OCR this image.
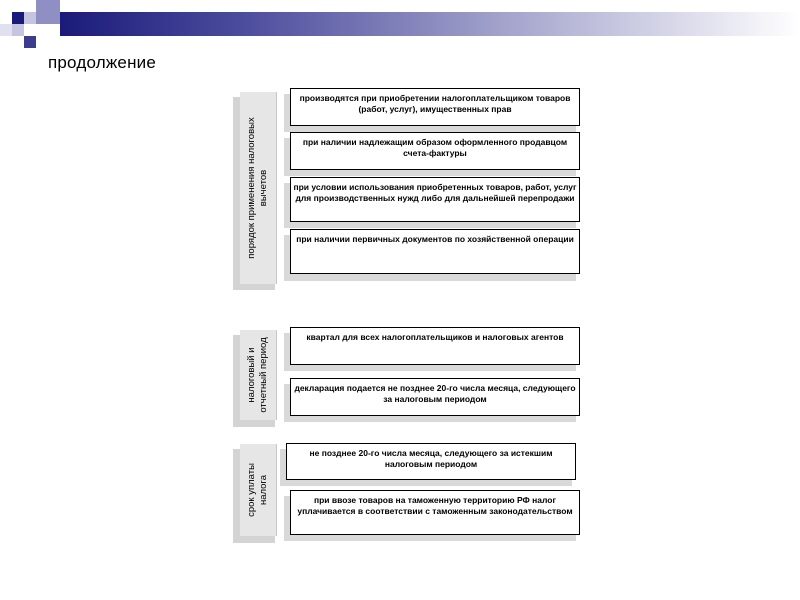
продолжение
порядок применения налоговых вычетов
производятся при приобретении налогоплательщиком товаров (работ, услуг), имущественных прав
при наличии надлежащим образом оформленного продавцом счета-фактуры
при условии использования приобретенных товаров, работ, услуг для производственных нужд либо для дальнейшей перепродажи
при наличии первичных документов по хозяйственной операции
налоговый и отчетный период
квартал для всех налогоплательщиков и налоговых агентов
декларация подается не позднее 20-го числа месяца, следующего за налоговым периодом
срок уплаты налога
не позднее 20-го числа месяца, следующего за истекшим налоговым периодом
при ввозе товаров на таможенную территорию РФ налог уплачивается в соответствии с таможенным законодательством
